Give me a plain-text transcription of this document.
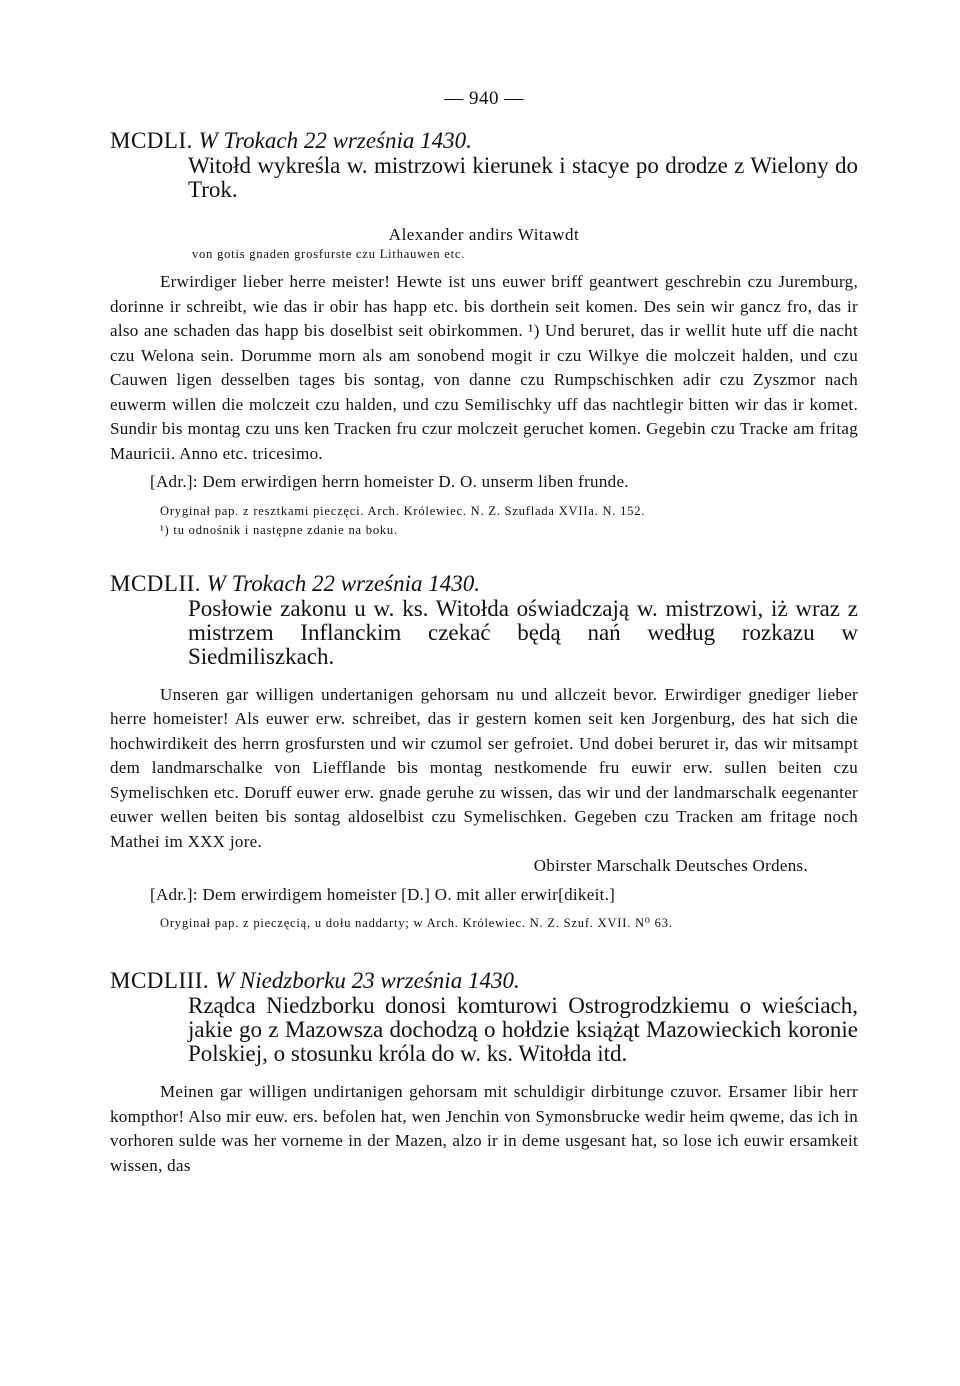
— 940 —

MCDLI. W Trokach 22 września 1430.

Witołd wykreśla w. mistrzowi kierunek i stacye po drodze z Wielony do Trok.

Alexander andirs Witawdt
von gotis gnaden grosfurste czu Lithauwen etc.

Erwirdiger lieber herre meister! Hewte ist uns euwer briff geantwert geschrebin czu Juremburg, dorinne ir schreibt, wie das ir obir has happ etc. bis dorthein seit komen. Des sein wir gancz fro, das ir also ane schaden das happ bis doselbist seit obirkommen. ¹) Und beruret, das ir wellit hute uff die nacht czu Welona sein. Dorumme morn als am sonobend mogit ir czu Wilkye die molczeit halden, und czu Cauwen ligen desselben tages bis sontag, von danne czu Rumpschischken adir czu Zyszmor nach euwerm willen die molczeit czu halden, und czu Semilischky uff das nachtlegir bitten wir das ir komet. Sundir bis montag czu uns ken Tracken fru czur molczeit geruchet komen. Gegebin czu Tracke am fritag Mauricii. Anno etc. tricesimo.

[Adr.]: Dem erwirdigen herrn homeister D. O. unserm liben frunde.

Oryginał pap. z resztkami pieczęci. Arch. Królewiec. N. Z. Szuflada XVIIa. N. 152.

¹) tu odnośnik i następne zdanie na boku.

MCDLII. W Trokach 22 września 1430.

Posłowie zakonu u w. ks. Witołda oświadczają w. mistrzowi, iż wraz z mistrzem Inflanckim czekać będą nań według rozkazu w Siedmiliszkach.

Unseren gar willigen undertanigen gehorsam nu und allczeit bevor. Erwirdiger gnediger lieber herre homeister! Als euwer erw. schreibet, das ir gestern komen seit ken Jorgenburg, des hat sich die hochwirdikeit des herrn grosfursten und wir czumol ser gefroiet. Und dobei beruret ir, das wir mitsampt dem landmarschalke von Liefflande bis montag nestkomende fru euwir erw. sullen beiten czu Symelischken etc. Doruff euwer erw. gnade geruhe zu wissen, das wir und der landmarschalk eegenanter euwer wellen beiten bis sontag aldoselbist czu Symelischken. Gegeben czu Tracken am fritage noch Mathei im XXX jore.

Obirster Marschalk Deutsches Ordens.

[Adr.]: Dem erwirdigem homeister [D.] O. mit aller erwir[dikeit.]

Oryginał pap. z pieczęcią, u dołu naddarty; w Arch. Królewiec. N. Z. Szuf. XVII. N⁰ 63.

MCDLIII. W Niedzborku 23 września 1430.

Rządca Niedzborku donosi komturowi Ostrogrodzkiemu o wieściach, jakie go z Mazowsza dochodzą o hołdzie książąt Mazowieckich koronie Polskiej, o stosunku króla do w. ks. Witołda itd.

Meinen gar willigen undirtanigen gehorsam mit schuldigir dirbitunge czuvor. Ersamer libir herr kompthor! Also mir euw. ers. befolen hat, wen Jenchin von Symonsbrucke wedir heim qweme, das ich in vorhoren sulde was her vorneme in der Mazen, alzo ir in deme usgesant hat, so lose ich euwir ersamkeit wissen, das
